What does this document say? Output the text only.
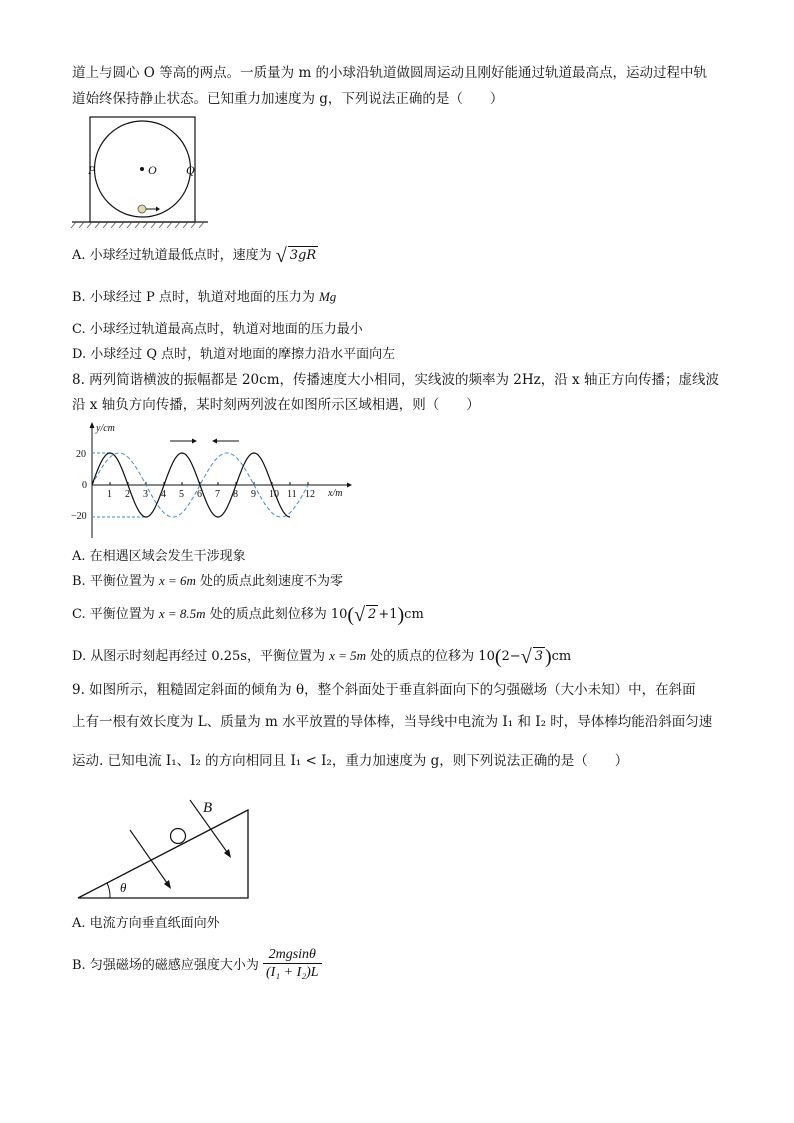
道上与圆心 O 等高的两点。一质量为 m 的小球沿轨道做圆周运动且刚好能通过轨道最高点，运动过程中轨
道始终保持静止状态。已知重力加速度为 g，下列说法正确的是（　　）
O
P	Q
A. 小球经过轨道最低点时，速度为 √ 3gR
B. 小球经过 P 点时，轨道对地面的压力为 Mg
C. 小球经过轨道最高点时，轨道对地面的压力最小
D. 小球经过 Q 点时，轨道对地面的摩擦力沿水平面向左
8. 两列简谐横波的振幅都是 20cm，传播速度大小相同，实线波的频率为 2Hz，沿 x 轴正方向传播；虚线波
沿 x 轴负方向传播，某时刻两列波在如图所示区域相遇，则（　　）
y/cm
x/m
20
0
−20
1 2 3 4 5 6 7 8 9 10 11 12
A. 在相遇区域会发生干涉现象
B. 平衡位置为 x = 6m 处的质点此刻速度不为零
C. 平衡位置为 x = 8.5m 处的质点此刻位移为 10(√ 2 +1)cm
D. 从图示时刻起再经过 0.25s，平衡位置为 x = 5m 处的质点的位移为 10(2−√ 3 )cm
9. 如图所示，粗糙固定斜面的倾角为 θ，整个斜面处于垂直斜面向下的匀强磁场（大小未知）中，在斜面
上有一根有效长度为 L、质量为 m 水平放置的导体棒，当导线中电流为 I₁ 和 I₂ 时，导体棒均能沿斜面匀速
运动. 已知电流 I₁、I₂ 的方向相同且 I₁ < I₂，重力加速度为 g，则下列说法正确的是（　　）
θ
B
A. 电流方向垂直纸面向外
B. 匀强磁场的磁感应强度大小为 $\frac{2mgsin\theta}{\text{(I₁ + I₂)L}}$
